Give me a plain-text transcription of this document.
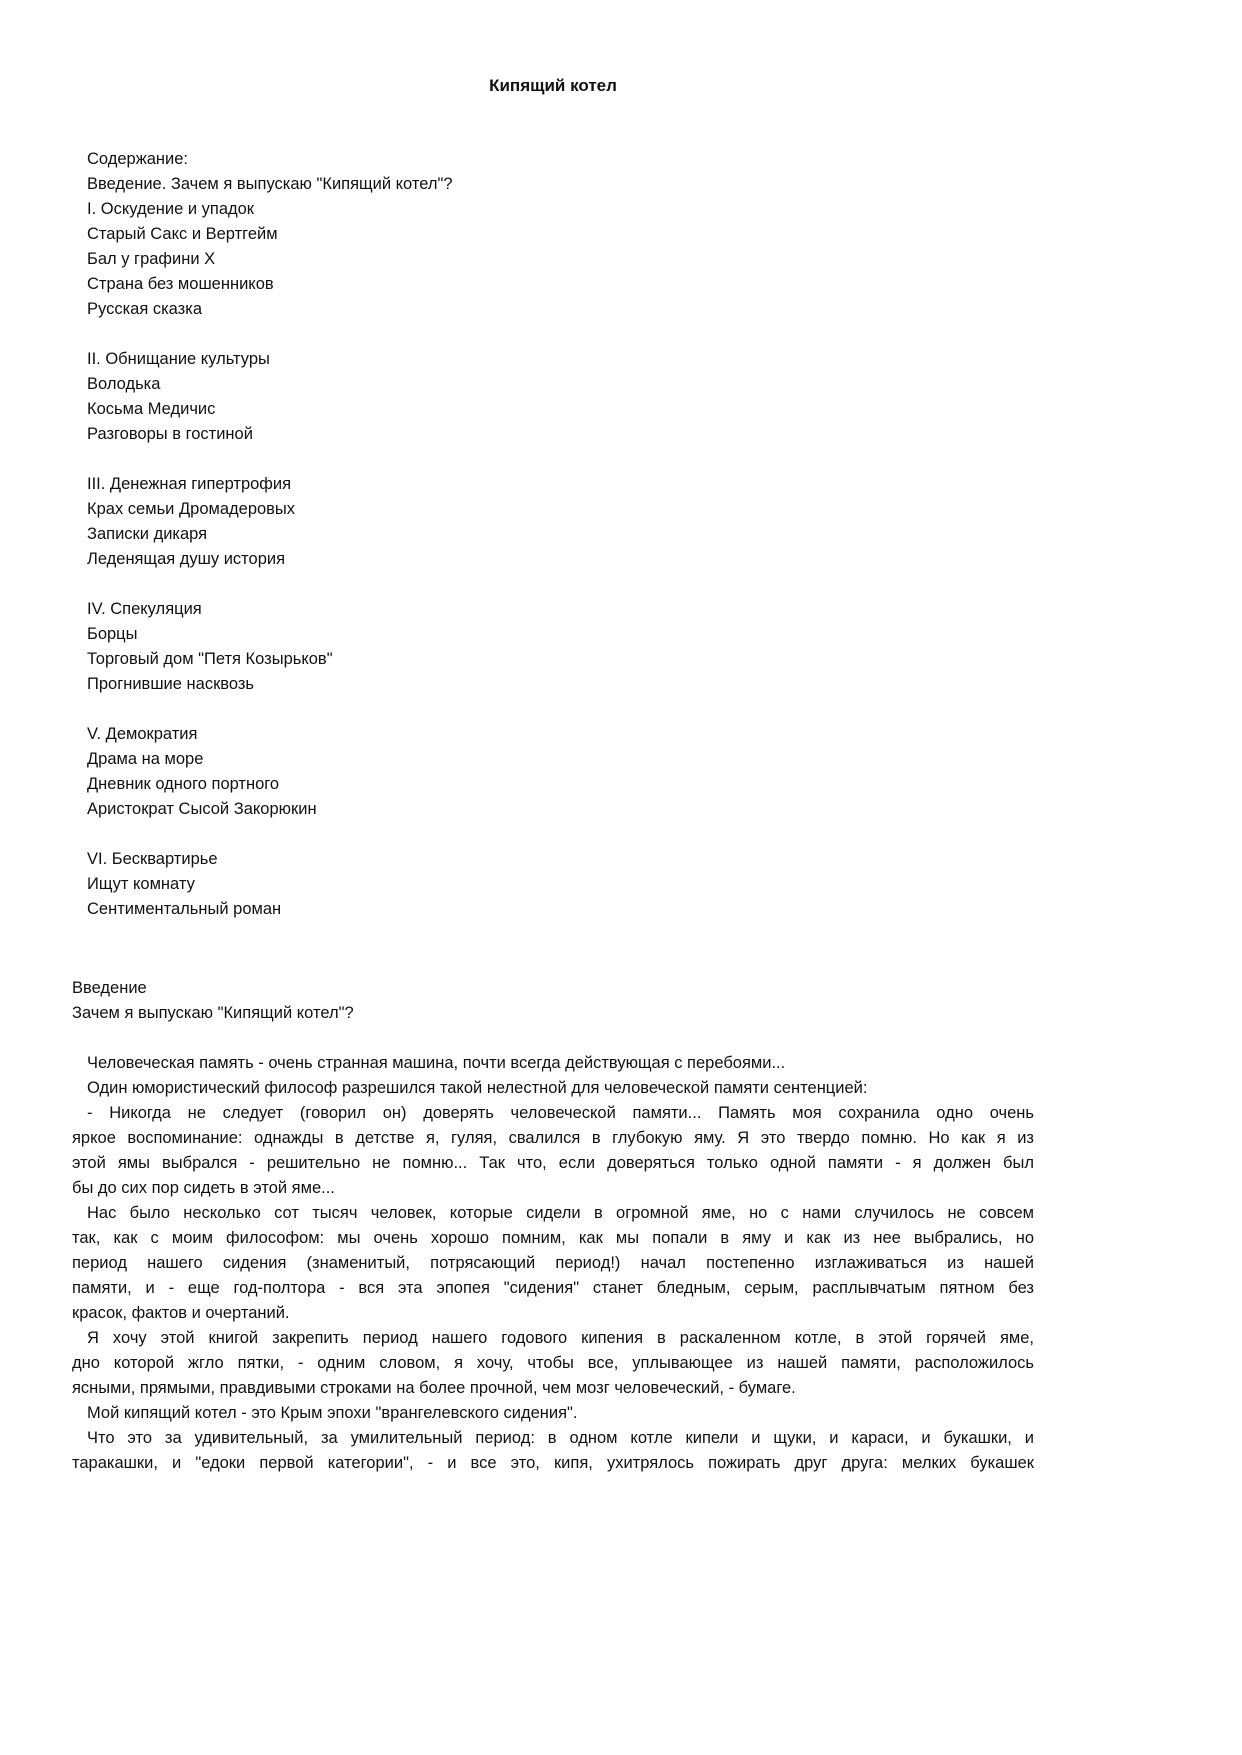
Кипящий котел
Содержание:
Введение. Зачем я выпускаю "Кипящий котел"?
I. Оскудение и упадок
Старый Сакс и Вертгейм
Бал у графини X
Страна без мошенников
Русская сказка
II. Обнищание культуры
Володька
Косьма Медичис
Разговоры в гостиной
III. Денежная гипертрофия
Крах семьи Дромадеровых
Записки дикаря
Леденящая душу история
IV. Спекуляция
Борцы
Торговый дом "Петя Козырьков"
Прогнившие насквозь
V. Демократия
Драма на море
Дневник одного портного
Аристократ Сысой Закорюкин
VI. Бесквартирье
Ищут комнату
Сентиментальный роман
Введение
Зачем я выпускаю "Кипящий котел"?
Человеческая память - очень странная машина, почти всегда действующая с перебоями...
Один юмористический философ разрешился такой нелестной для человеческой памяти сентенцией:
- Никогда не следует (говорил он) доверять человеческой памяти... Память моя сохранила одно очень
яркое воспоминание: однажды в детстве я, гуляя, свалился в глубокую яму. Я это твердо помню. Но как я из
этой ямы выбрался - решительно не помню... Так что, если доверяться только одной памяти - я должен был
бы до сих пор сидеть в этой яме...
Нас было несколько сот тысяч человек, которые сидели в огромной яме, но с нами случилось не совсем
так, как с моим философом: мы очень хорошо помним, как мы попали в яму и как из нее выбрались, но
период нашего сидения (знаменитый, потрясающий период!) начал постепенно изглаживаться из нашей
памяти, и - еще год-полтора - вся эта эпопея "сидения" станет бледным, серым, расплывчатым пятном без
красок, фактов и очертаний.
Я хочу этой книгой закрепить период нашего годового кипения в раскаленном котле, в этой горячей яме,
дно которой жгло пятки, - одним словом, я хочу, чтобы все, уплывающее из нашей памяти, расположилось
ясными, прямыми, правдивыми строками на более прочной, чем мозг человеческий, - бумаге.
Мой кипящий котел - это Крым эпохи "врангелевского сидения".
Что это за удивительный, за умилительный период: в одном котле кипели и щуки, и караси, и букашки, и
таракашки, и "едоки первой категории", - и все это, кипя, ухитрялось пожирать друг друга: мелких букашек
